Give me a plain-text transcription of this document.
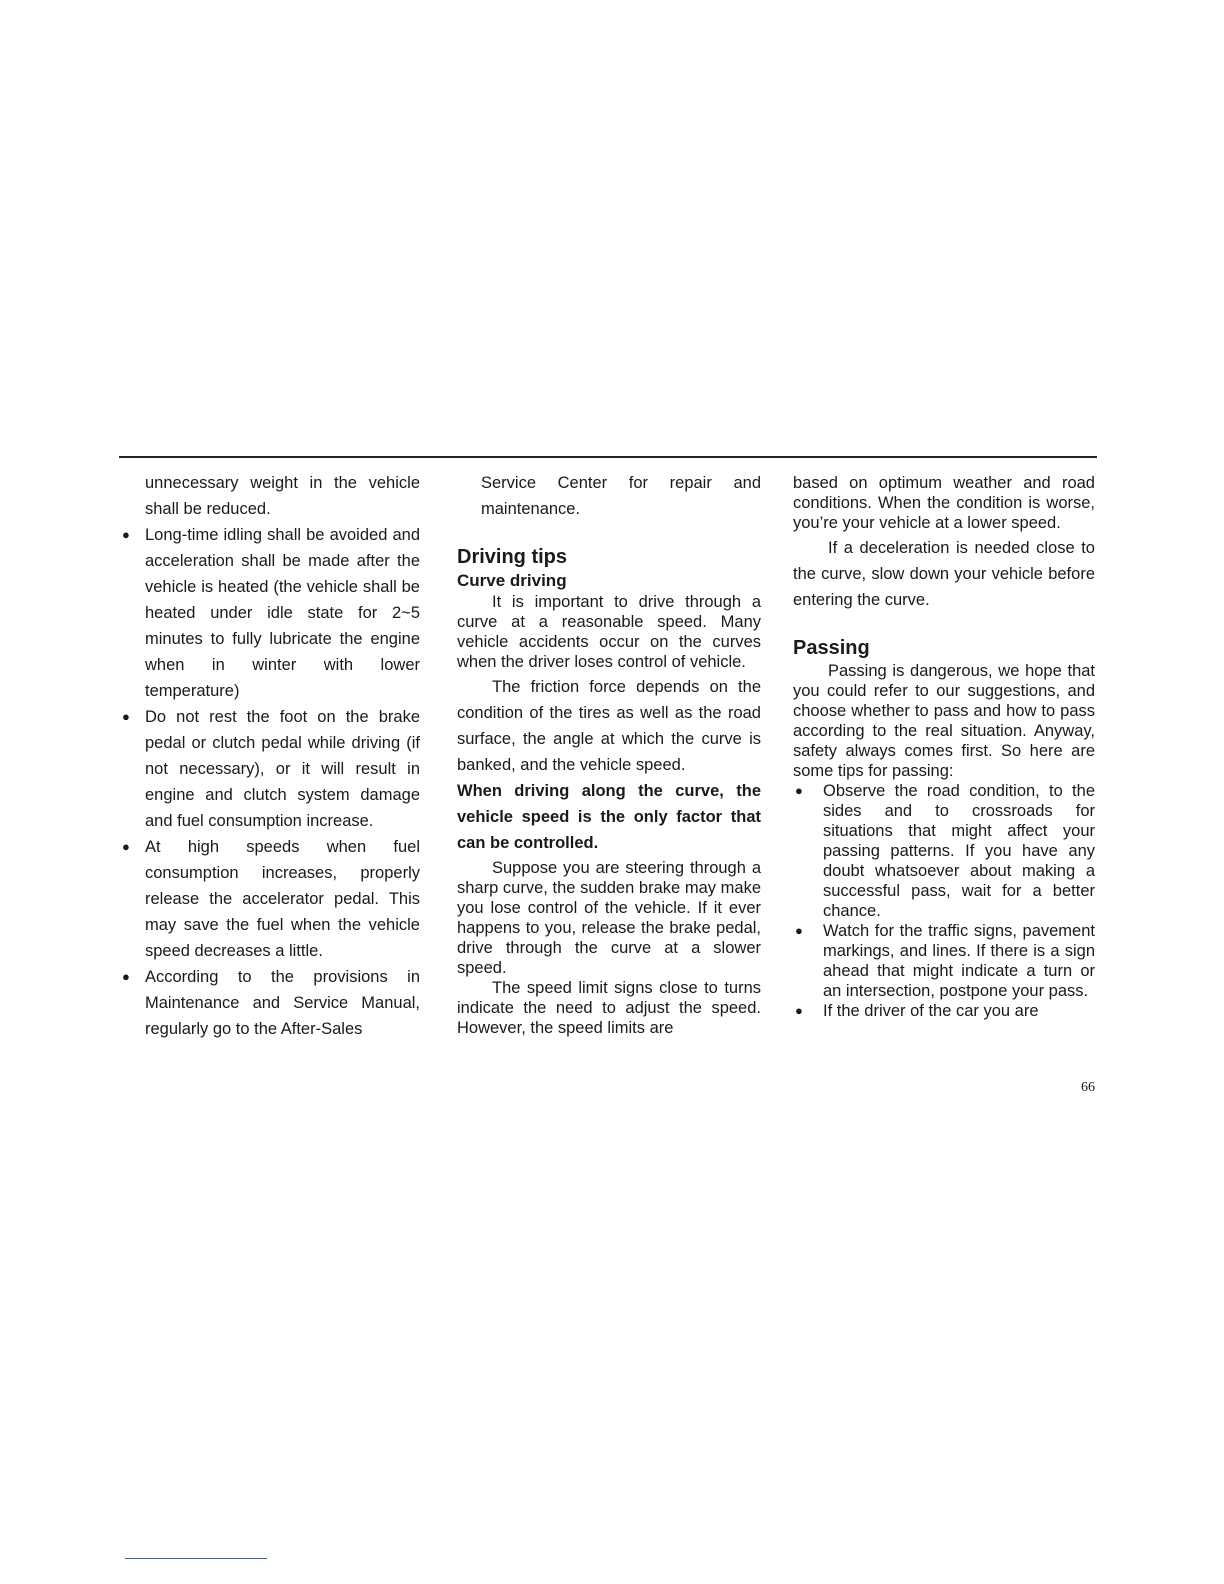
unnecessary weight in the vehicle shall be reduced.

● Long-time idling shall be avoided and acceleration shall be made after the vehicle is heated (the vehicle shall be heated under idle state for 2~5 minutes to fully lubricate the engine when in winter with lower temperature)

● Do not rest the foot on the brake pedal or clutch pedal while driving (if not necessary), or it will result in engine and clutch system damage and fuel consumption increase.

● At high speeds when fuel consumption increases, properly release the accelerator pedal. This may save the fuel when the vehicle speed decreases a little.

● According to the provisions in Maintenance and Service Manual, regularly go to the After-Sales

Service Center for repair and maintenance.

Driving tips
Curve driving

It is important to drive through a curve at a reasonable speed. Many vehicle accidents occur on the curves when the driver loses control of vehicle.

The friction force depends on the condition of the tires as well as the road surface, the angle at which the curve is banked, and the vehicle speed.

When driving along the curve, the vehicle speed is the only factor that can be controlled.

Suppose you are steering through a sharp curve, the sudden brake may make you lose control of the vehicle. If it ever happens to you, release the brake pedal, drive through the curve at a slower speed.

The speed limit signs close to turns indicate the need to adjust the speed. However, the speed limits are

based on optimum weather and road conditions. When the condition is worse, you’re your vehicle at a lower speed.

If a deceleration is needed close to the curve, slow down your vehicle before entering the curve.

Passing

Passing is dangerous, we hope that you could refer to our suggestions, and choose whether to pass and how to pass according to the real situation. Anyway, safety always comes first. So here are some tips for passing:

● Observe the road condition, to the sides and to crossroads for situations that might affect your passing patterns. If you have any doubt whatsoever about making a successful pass, wait for a better chance.

● Watch for the traffic signs, pavement markings, and lines. If there is a sign ahead that might indicate a turn or an intersection, postpone your pass.

● If the driver of the car you are

66
